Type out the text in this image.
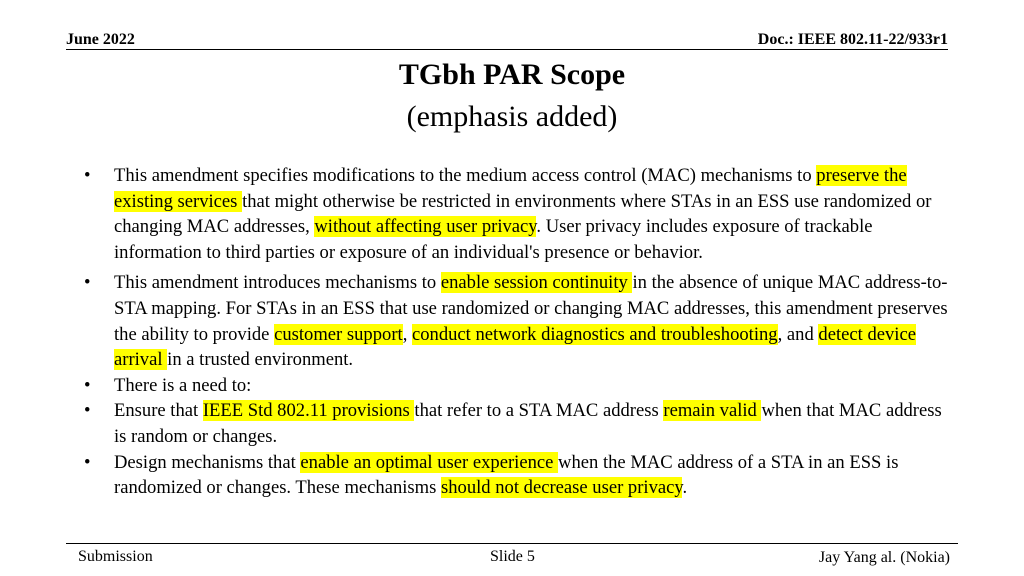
June 2022	Doc.: IEEE 802.11-22/933r1
TGbh PAR Scope
(emphasis added)
• This amendment specifies modifications to the medium access control (MAC) mechanisms to preserve the existing services that might otherwise be restricted in environments where STAs in an ESS use randomized or changing MAC addresses, without affecting user privacy. User privacy includes exposure of trackable information to third parties or exposure of an individual's presence or behavior.
• This amendment introduces mechanisms to enable session continuity in the absence of unique MAC address-to-STA mapping. For STAs in an ESS that use randomized or changing MAC addresses, this amendment preserves the ability to provide customer support, conduct network diagnostics and troubleshooting, and detect device arrival in a trusted environment.
• There is a need to:
• Ensure that IEEE Std 802.11 provisions that refer to a STA MAC address remain valid when that MAC address is random or changes.
• Design mechanisms that enable an optimal user experience when the MAC address of a STA in an ESS is randomized or changes. These mechanisms should not decrease user privacy.
Submission	Slide 5	Jay Yang al. (Nokia)
